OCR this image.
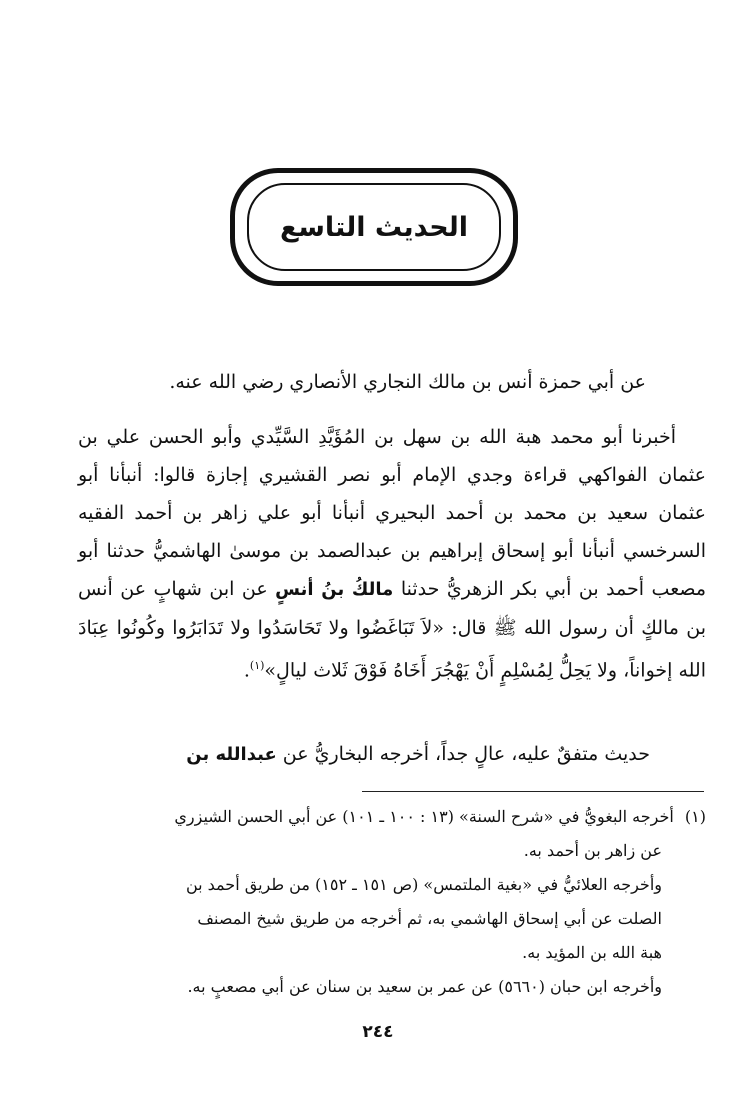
الحديث التاسع
عن أبي حمزة أنس بن مالك النجاري الأنصاري رضي الله عنه.
أخبرنا أبو محمد هبة الله بن سهل بن المُؤَيَّدِ السَّيِّدي وأبو الحسن علي بن عثمان الفواكهي قراءة وجدي الإمام أبو نصر القشيري إجازة قالوا: أنبأنا أبو عثمان سعيد بن محمد بن أحمد البحيري أنبأنا أبو علي زاهر بن أحمد الفقيه السرخسي أنبأنا أبو إسحاق إبراهيم بن عبدالصمد بن موسىٰ الهاشميُّ حدثنا أبو مصعب أحمد بن أبي بكر الزهريُّ حدثنا مالكُ بنُ أنسٍ عن ابن شهابٍ عن أنس بن مالكٍ أن رسول الله ﷺ قال: «لاَ تَبَاغَضُوا ولا تَحَاسَدُوا ولا تَدَابَرُوا وكُونُوا عِبَادَ الله إخواناً، ولا يَحِلُّ لِمُسْلِمٍ أَنْ يَهْجُرَ أَخَاهُ فَوْقَ ثَلاث ليالٍ»$^{(١)}$.
حديث متفقٌ عليه، عالٍ جداً، أخرجه البخاريُّ عن عبدالله بن
(١) أخرجه البغويُّ في «شرح السنة» (١٣ : ١٠٠ ـ ١٠١) عن أبي الحسن الشيزري
عن زاهر بن أحمد به.
وأخرجه العلائيُّ في «بغية الملتمس» (ص ١٥١ ـ ١٥٢) من طريق أحمد بن
الصلت عن أبي إسحاق الهاشمي به، ثم أخرجه من طريق شيخ المصنف
هبة الله بن المؤيد به.
وأخرجه ابن حبان (٥٦٦٠) عن عمر بن سعيد بن سنان عن أبي مصعبٍ به.
٢٤٤
